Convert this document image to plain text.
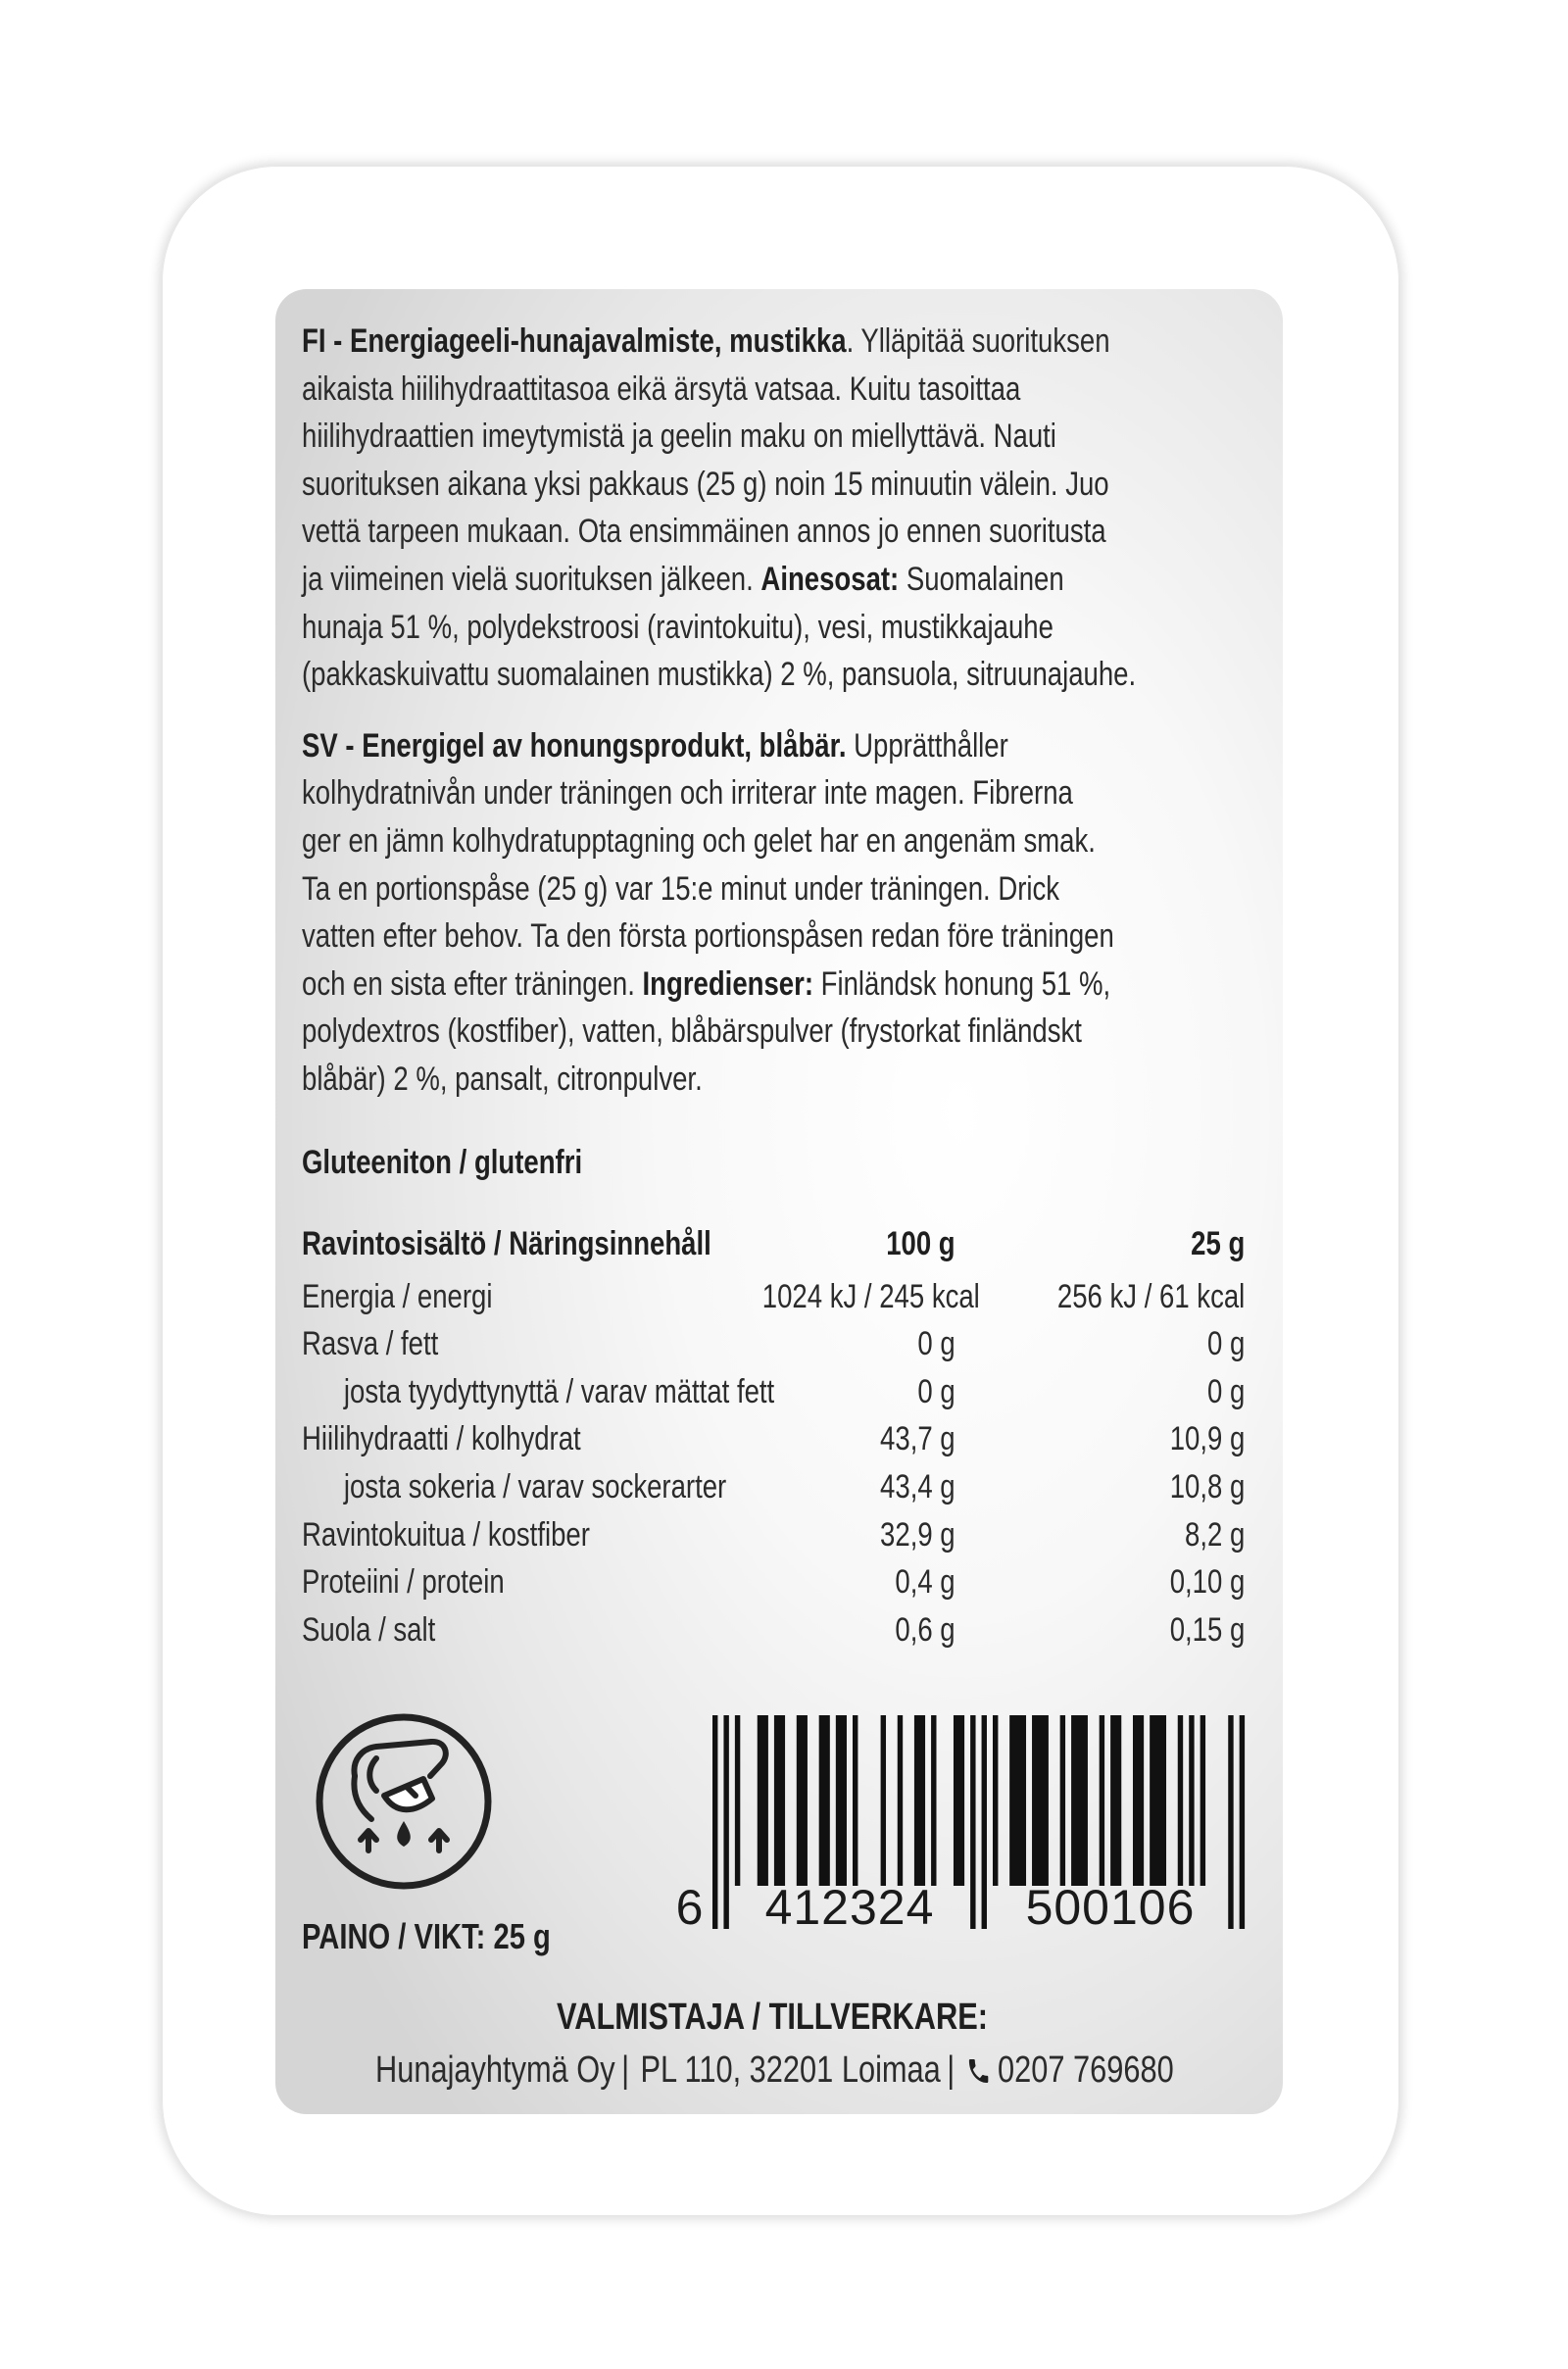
FI - Energiageeli-hunajavalmiste, mustikka. Ylläpitää suorituksen
aikaista hiilihydraattitasoa eikä ärsytä vatsaa. Kuitu tasoittaa
hiilihydraattien imeytymistä ja geelin maku on miellyttävä. Nauti
suorituksen aikana yksi pakkaus (25 g) noin 15 minuutin välein. Juo
vettä tarpeen mukaan. Ota ensimmäinen annos jo ennen suoritusta
ja viimeinen vielä suorituksen jälkeen. Ainesosat: Suomalainen
hunaja 51 %, polydekstroosi (ravintokuitu), vesi, mustikkajauhe
(pakkaskuivattu suomalainen mustikka) 2 %, pansuola, sitruunajauhe.
SV - Energigel av honungsprodukt, blåbär. Upprätthåller
kolhydratnivån under träningen och irriterar inte magen. Fibrerna
ger en jämn kolhydratupptagning och gelet har en angenäm smak.
Ta en portionspåse (25 g) var 15:e minut under träningen. Drick
vatten efter behov. Ta den första portionspåsen redan före träningen
och en sista efter träningen. Ingredienser: Finländsk honung 51 %,
polydextros (kostfiber), vatten, blåbärspulver (frystorkat finländskt
blåbär) 2 %, pansalt, citronpulver.
Gluteeniton / glutenfri
Ravintosisältö / Näringsinnehåll	100 g	25 g
Energia / energi	1024 kJ / 245 kcal	256 kJ / 61 kcal
Rasva / fett	0 g	0 g
josta tyydyttynyttä / varav mättat fett	0 g	0 g
Hiilihydraatti / kolhydrat	43,7 g	10,9 g
josta sokeria / varav sockerarter	43,4 g	10,8 g
Ravintokuitua / kostfiber	32,9 g	8,2 g
Proteiini / protein	0,4 g	0,10 g
Suola / salt	0,6 g	0,15 g
6	412324	500106
PAINO / VIKT: 25 g
VALMISTAJA / TILLVERKARE:
Hunajayhtymä Oy | PL 110, 32201 Loimaa | 0207 769680
